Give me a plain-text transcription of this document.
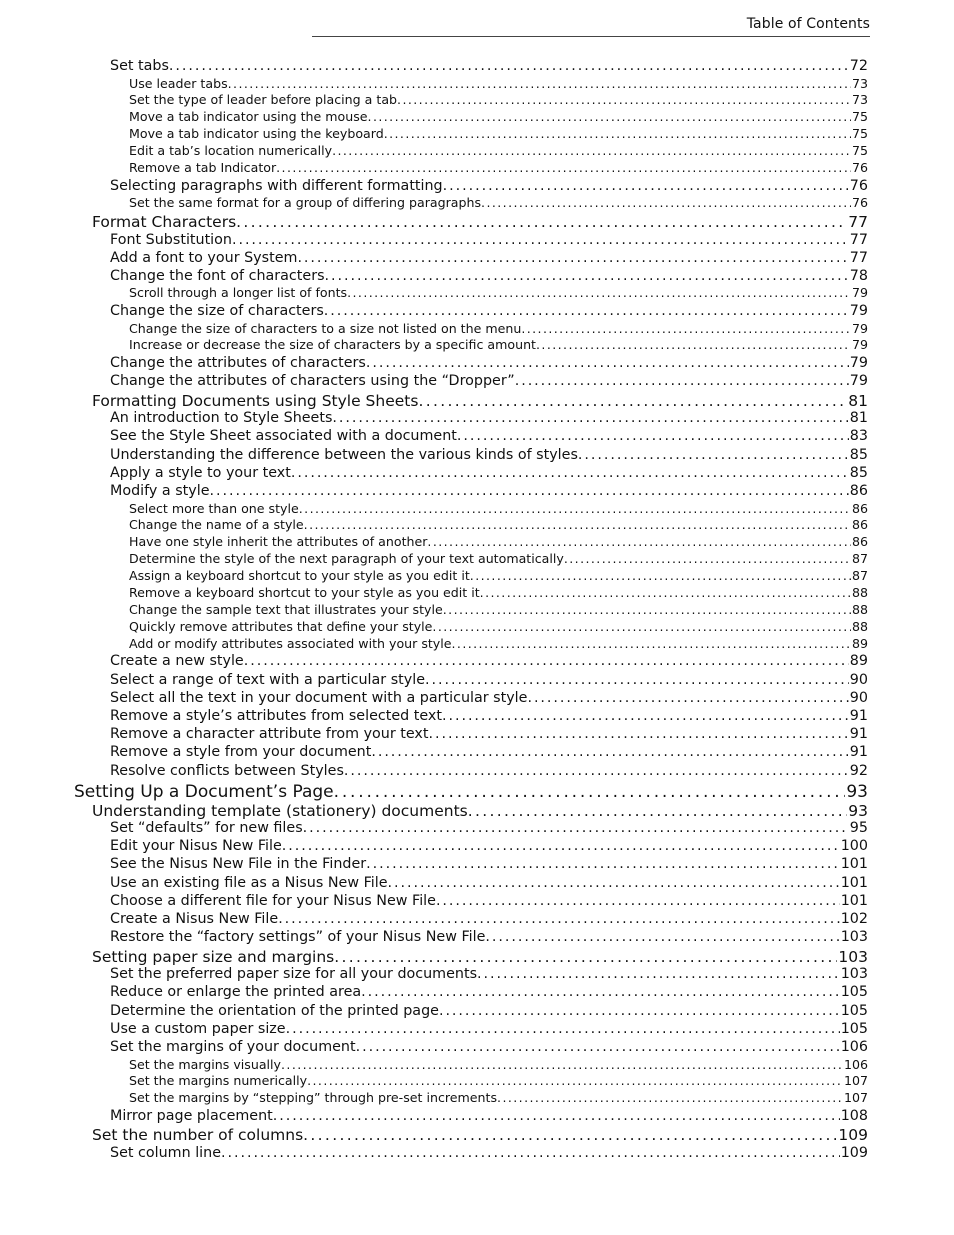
Table of Contents
Set tabs . . .	72
Use leader tabs . . .	73
Set the type of leader before placing a tab . . .	73
Move a tab indicator using the mouse . . .	75
Move a tab indicator using the keyboard . . .	75
Edit a tab’s location numerically . . .	75
Remove a tab Indicator . . .	76
Selecting paragraphs with different formatting . . .	76
Set the same format for a group of differing paragraphs . . .	76
Format Characters . . .	77
Font Substitution . . .	77
Add a font to your System . . .	77
Change the font of characters . . .	78
Scroll through a longer list of fonts . . .	79
Change the size of characters . . .	79
Change the size of characters to a size not listed on the menu . . .	79
Increase or decrease the size of characters by a specific amount . . .	79
Change the attributes of characters . . .	79
Change the attributes of characters using the “Dropper” . . .	79
Formatting Documents using Style Sheets . . .	81
An introduction to Style Sheets . . .	81
See the Style Sheet associated with a document . . .	83
Understanding the difference between the various kinds of styles . . .	85
Apply a style to your text . . .	85
Modify a style . . .	86
Select more than one style . . .	86
Change the name of a style . . .	86
Have one style inherit the attributes of another . . .	86
Determine the style of the next paragraph of your text automatically . . .	87
Assign a keyboard shortcut to your style as you edit it . . .	87
Remove a keyboard shortcut to your style as you edit it . . .	88
Change the sample text that illustrates your style . . .	88
Quickly remove attributes that define your style . . .	88
Add or modify attributes associated with your style . . .	89
Create a new style . . .	89
Select a range of text with a particular style . . .	90
Select all the text in your document with a particular style . . .	90
Remove a style’s attributes from selected text . . .	91
Remove a character attribute from your text . . .	91
Remove a style from your document . . .	91
Resolve conflicts between Styles . . .	92
Setting Up a Document’s Page . . .	93
Understanding template (stationery) documents . . .	93
Set “defaults” for new files . . .	95
Edit your Nisus New File . . .	100
See the Nisus New File in the Finder . . .	101
Use an existing file as a Nisus New File . . .	101
Choose a different file for your Nisus New File . . .	101
Create a Nisus New File . . .	102
Restore the “factory settings” of your Nisus New File . . .	103
Setting paper size and margins . . .	103
Set the preferred paper size for all your documents . . .	103
Reduce or enlarge the printed area . . .	105
Determine the orientation of the printed page . . .	105
Use a custom paper size . . .	105
Set the margins of your document . . .	106
Set the margins visually . . .	106
Set the margins numerically . . .	107
Set the margins by “stepping” through pre-set increments . . .	107
Mirror page placement . . .	108
Set the number of columns . . .	109
Set column line . . .	109
